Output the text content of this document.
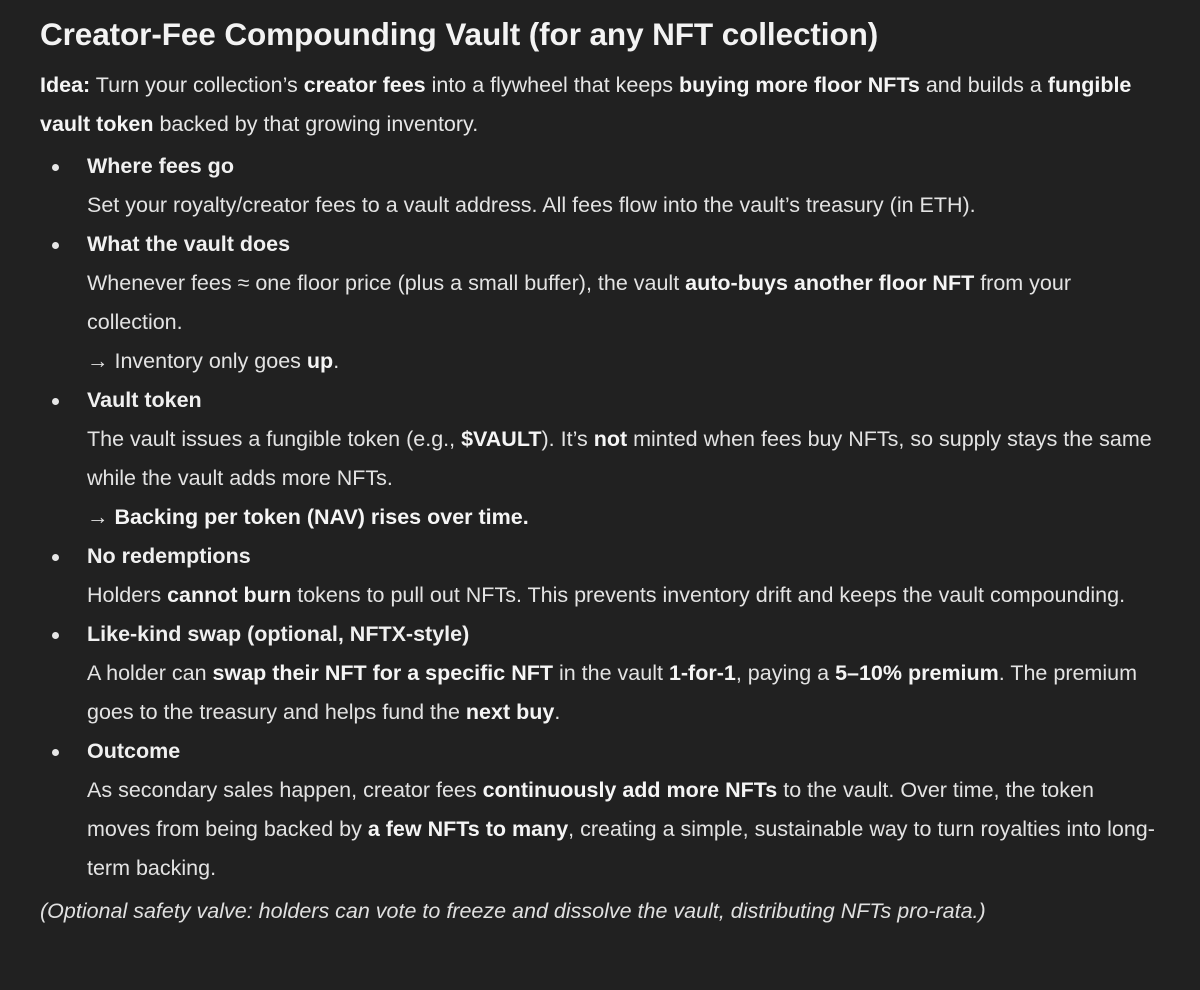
Creator-Fee Compounding Vault (for any NFT collection)

Idea: Turn your collection’s creator fees into a flywheel that keeps buying more floor NFTs and builds a fungible vault token backed by that growing inventory.

Where fees go
Set your royalty/creator fees to a vault address. All fees flow into the vault’s treasury (in ETH).
What the vault does
Whenever fees ≈ one floor price (plus a small buffer), the vault auto-buys another floor NFT from your collection.
→ Inventory only goes up.
Vault token
The vault issues a fungible token (e.g., $VAULT). It’s not minted when fees buy NFTs, so supply stays the same while the vault adds more NFTs.
→ Backing per token (NAV) rises over time.
No redemptions
Holders cannot burn tokens to pull out NFTs. This prevents inventory drift and keeps the vault compounding.
Like-kind swap (optional, NFTX-style)
A holder can swap their NFT for a specific NFT in the vault 1-for-1, paying a 5–10% premium. The premium goes to the treasury and helps fund the next buy.
Outcome
As secondary sales happen, creator fees continuously add more NFTs to the vault. Over time, the token moves from being backed by a few NFTs to many, creating a simple, sustainable way to turn royalties into long-term backing.

(Optional safety valve: holders can vote to freeze and dissolve the vault, distributing NFTs pro-rata.)
